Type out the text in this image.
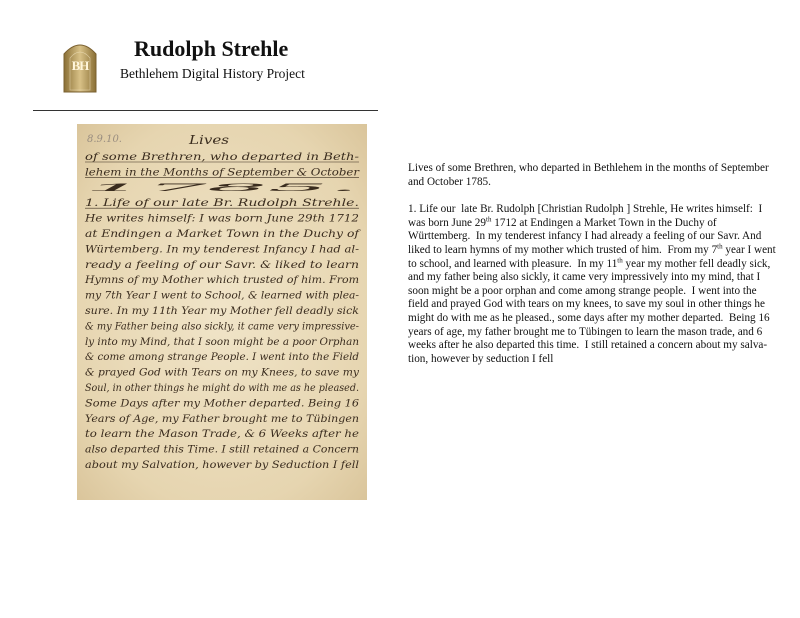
BH
Rudolph Strehle
Bethlehem Digital History Project
8.9.10.	Lives
of some Brethren, who departed in Beth-
lehem in the Months of September & October
1785.
1. Life of our late Br. Rudolph Strehle.
He writes himself: I was born June 29th 1712
at Endingen a Market Town in the Duchy of
Würtemberg. In my tenderest Infancy I had al-
ready a feeling of our Savr. & liked to learn
Hymns of my Mother which trusted of him. From
my 7th Year I went to School, & learned with plea-
sure. In my 11th Year my Mother fell deadly sick
& my Father being also sickly, it came very impressive-
ly into my Mind, that I soon might be a poor Orphan
& come among strange People. I went into the Field
& prayed God with Tears on my Knees, to save my
Soul, in other things he might do with me as he pleased.
Some Days after my Mother departed. Being 16
Years of Age, my Father brought me to Tübingen
to learn the Mason Trade, & 6 Weeks after he
also departed this Time. I still retained a Concern
about my Salvation, however by Seduction I fell

Lives of some Brethren, who departed in Bethlehem in the months of September and October 1785.

1. Life our  late Br. Rudolph [Christian Rudolph ] Strehle, He writes himself:  I was born June 29th 1712 at Endingen a Market Town in the Duchy of Württemberg.  In my tenderest infancy I had already a feeling of our Savr. And liked to learn hymns of my mother which trusted of him.  From my 7th year I went to school, and learned with pleasure.  In my 11th year my mother fell deadly sick, and my father being also sickly, it came very impressively into my mind, that I soon might be a poor orphan and come among strange people.  I went into the field and prayed God with tears on my knees, to save my soul in other things he might do with me as he pleased., some days after my mother departed.  Being 16 years of age, my father brought me to Tübingen to learn the mason trade, and 6 weeks after he also departed this time.  I still retained a concern about my salva-tion, however by seduction I fell
